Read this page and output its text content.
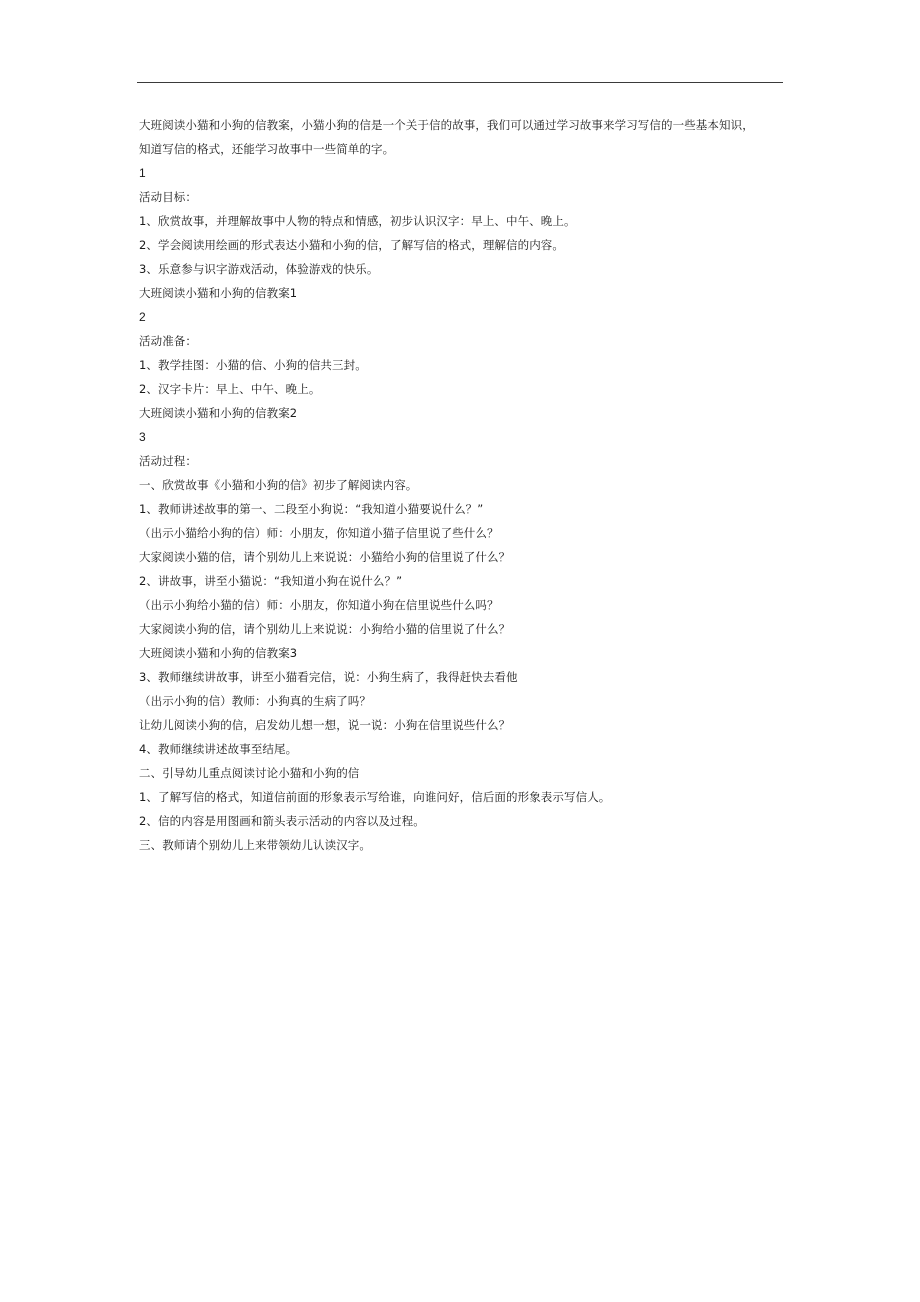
大班阅读小猫和小狗的信教案，小猫小狗的信是一个关于信的故事，我们可以通过学习故事来学习写信的一些基本知识，
知道写信的格式，还能学习故事中一些简单的字。
1
活动目标：
1、欣赏故事，并理解故事中人物的特点和情感，初步认识汉字：早上、中午、晚上。
2、学会阅读用绘画的形式表达小猫和小狗的信，了解写信的格式，理解信的内容。
3、乐意参与识字游戏活动，体验游戏的快乐。
大班阅读小猫和小狗的信教案1
2
活动准备：
1、教学挂图：小猫的信、小狗的信共三封。
2、汉字卡片：早上、中午、晚上。
大班阅读小猫和小狗的信教案2
3
活动过程：
一、欣赏故事《小猫和小狗的信》初步了解阅读内容。
1、教师讲述故事的第一、二段至小狗说：“我知道小猫要说什么？”
（出示小猫给小狗的信）师：小朋友，你知道小猫子信里说了些什么？
大家阅读小猫的信，请个别幼儿上来说说：小猫给小狗的信里说了什么？
2、讲故事，讲至小猫说：“我知道小狗在说什么？”
（出示小狗给小猫的信）师：小朋友，你知道小狗在信里说些什么吗？
大家阅读小狗的信，请个别幼儿上来说说：小狗给小猫的信里说了什么？
大班阅读小猫和小狗的信教案3
3、教师继续讲故事，讲至小猫看完信，说：小狗生病了，我得赶快去看他
（出示小狗的信）教师：小狗真的生病了吗？
让幼儿阅读小狗的信，启发幼儿想一想，说一说：小狗在信里说些什么？
4、教师继续讲述故事至结尾。
二、引导幼儿重点阅读讨论小猫和小狗的信
1、了解写信的格式，知道信前面的形象表示写给谁，向谁问好，信后面的形象表示写信人。
2、信的内容是用图画和箭头表示活动的内容以及过程。
三、教师请个别幼儿上来带领幼儿认读汉字。
